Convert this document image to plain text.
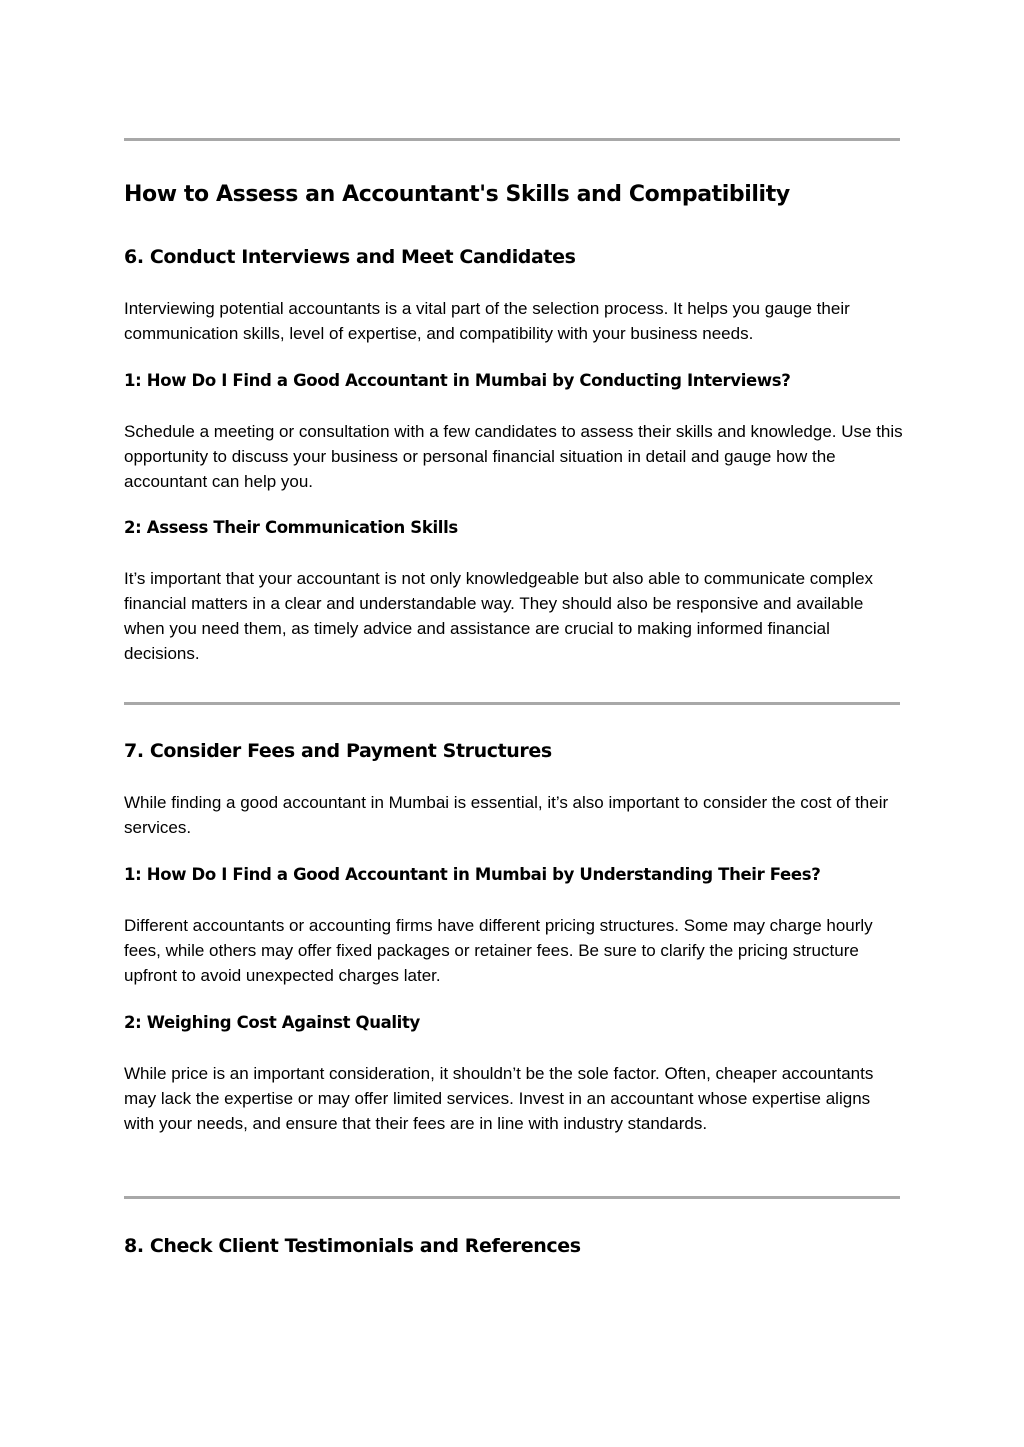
How to Assess an Accountant's Skills and Compatibility
6. Conduct Interviews and Meet Candidates

Interviewing potential accountants is a vital part of the selection process. It helps you gauge their communication skills, level of expertise, and compatibility with your business needs.

1: How Do I Find a Good Accountant in Mumbai by Conducting Interviews?

Schedule a meeting or consultation with a few candidates to assess their skills and knowledge. Use this opportunity to discuss your business or personal financial situation in detail and gauge how the accountant can help you.

2: Assess Their Communication Skills

It’s important that your accountant is not only knowledgeable but also able to communicate complex financial matters in a clear and understandable way. They should also be responsive and available when you need them, as timely advice and assistance are crucial to making informed financial decisions.

7. Consider Fees and Payment Structures

While finding a good accountant in Mumbai is essential, it’s also important to consider the cost of their services.

1: How Do I Find a Good Accountant in Mumbai by Understanding Their Fees?

Different accountants or accounting firms have different pricing structures. Some may charge hourly fees, while others may offer fixed packages or retainer fees. Be sure to clarify the pricing structure upfront to avoid unexpected charges later.

2: Weighing Cost Against Quality

While price is an important consideration, it shouldn’t be the sole factor. Often, cheaper accountants may lack the expertise or may offer limited services. Invest in an accountant whose expertise aligns with your needs, and ensure that their fees are in line with industry standards.

8. Check Client Testimonials and References
